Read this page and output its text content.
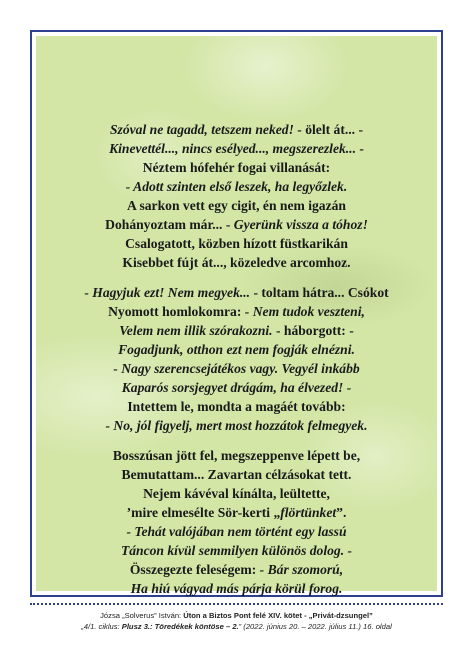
Szóval ne tagadd, tetszem neked! - ölelt át... -
Kinevettél..., nincs esélyed..., megszerezlek... -
Néztem hófehér fogai villanását:
- Adott szinten első leszek, ha legyőzlek.
A sarkon vett egy cigit, én nem igazán
Dohányoztam már... - Gyerünk vissza a tóhoz!
Csalogatott, közben hízott füstkarikán
Kisebbet fújt át..., közeledve arcomhoz.
- Hagyjuk ezt! Nem megyek... - toltam hátra... Csókot
Nyomott homlokomra: - Nem tudok veszteni,
Velem nem illik szórakozni. - háborgott: -
Fogadjunk, otthon ezt nem fogják elnézni.
- Nagy szerencsejátékos vagy. Vegyél inkább
Kaparós sorsjegyet drágám, ha élvezed! -
Intettem le, mondta a magáét tovább:
- No, jól figyelj, mert most hozzátok felmegyek.
Bosszúsan jött fel, megszeppenve lépett be,
Bemutattam... Zavartan célzásokat tett.
Nejem kávéval kínálta, leültette,
’mire elmesélte Sör-kerti „flörtünket”.
- Tehát valójában nem történt egy lassú
Táncon kívül semmilyen különös dolog. -
Összegezte feleségem: - Bár szomorú,
Ha hiú vágyad más párja körül forog.
Józsa „Solverus” István: Úton a Biztos Pont felé XIV. kötet - „Privát-dzsungel”
„4/1. ciklus: Plusz 3.: Töredékek köntöse – 2.” (2022. június 20. – 2022. július 11.) 16. oldal
